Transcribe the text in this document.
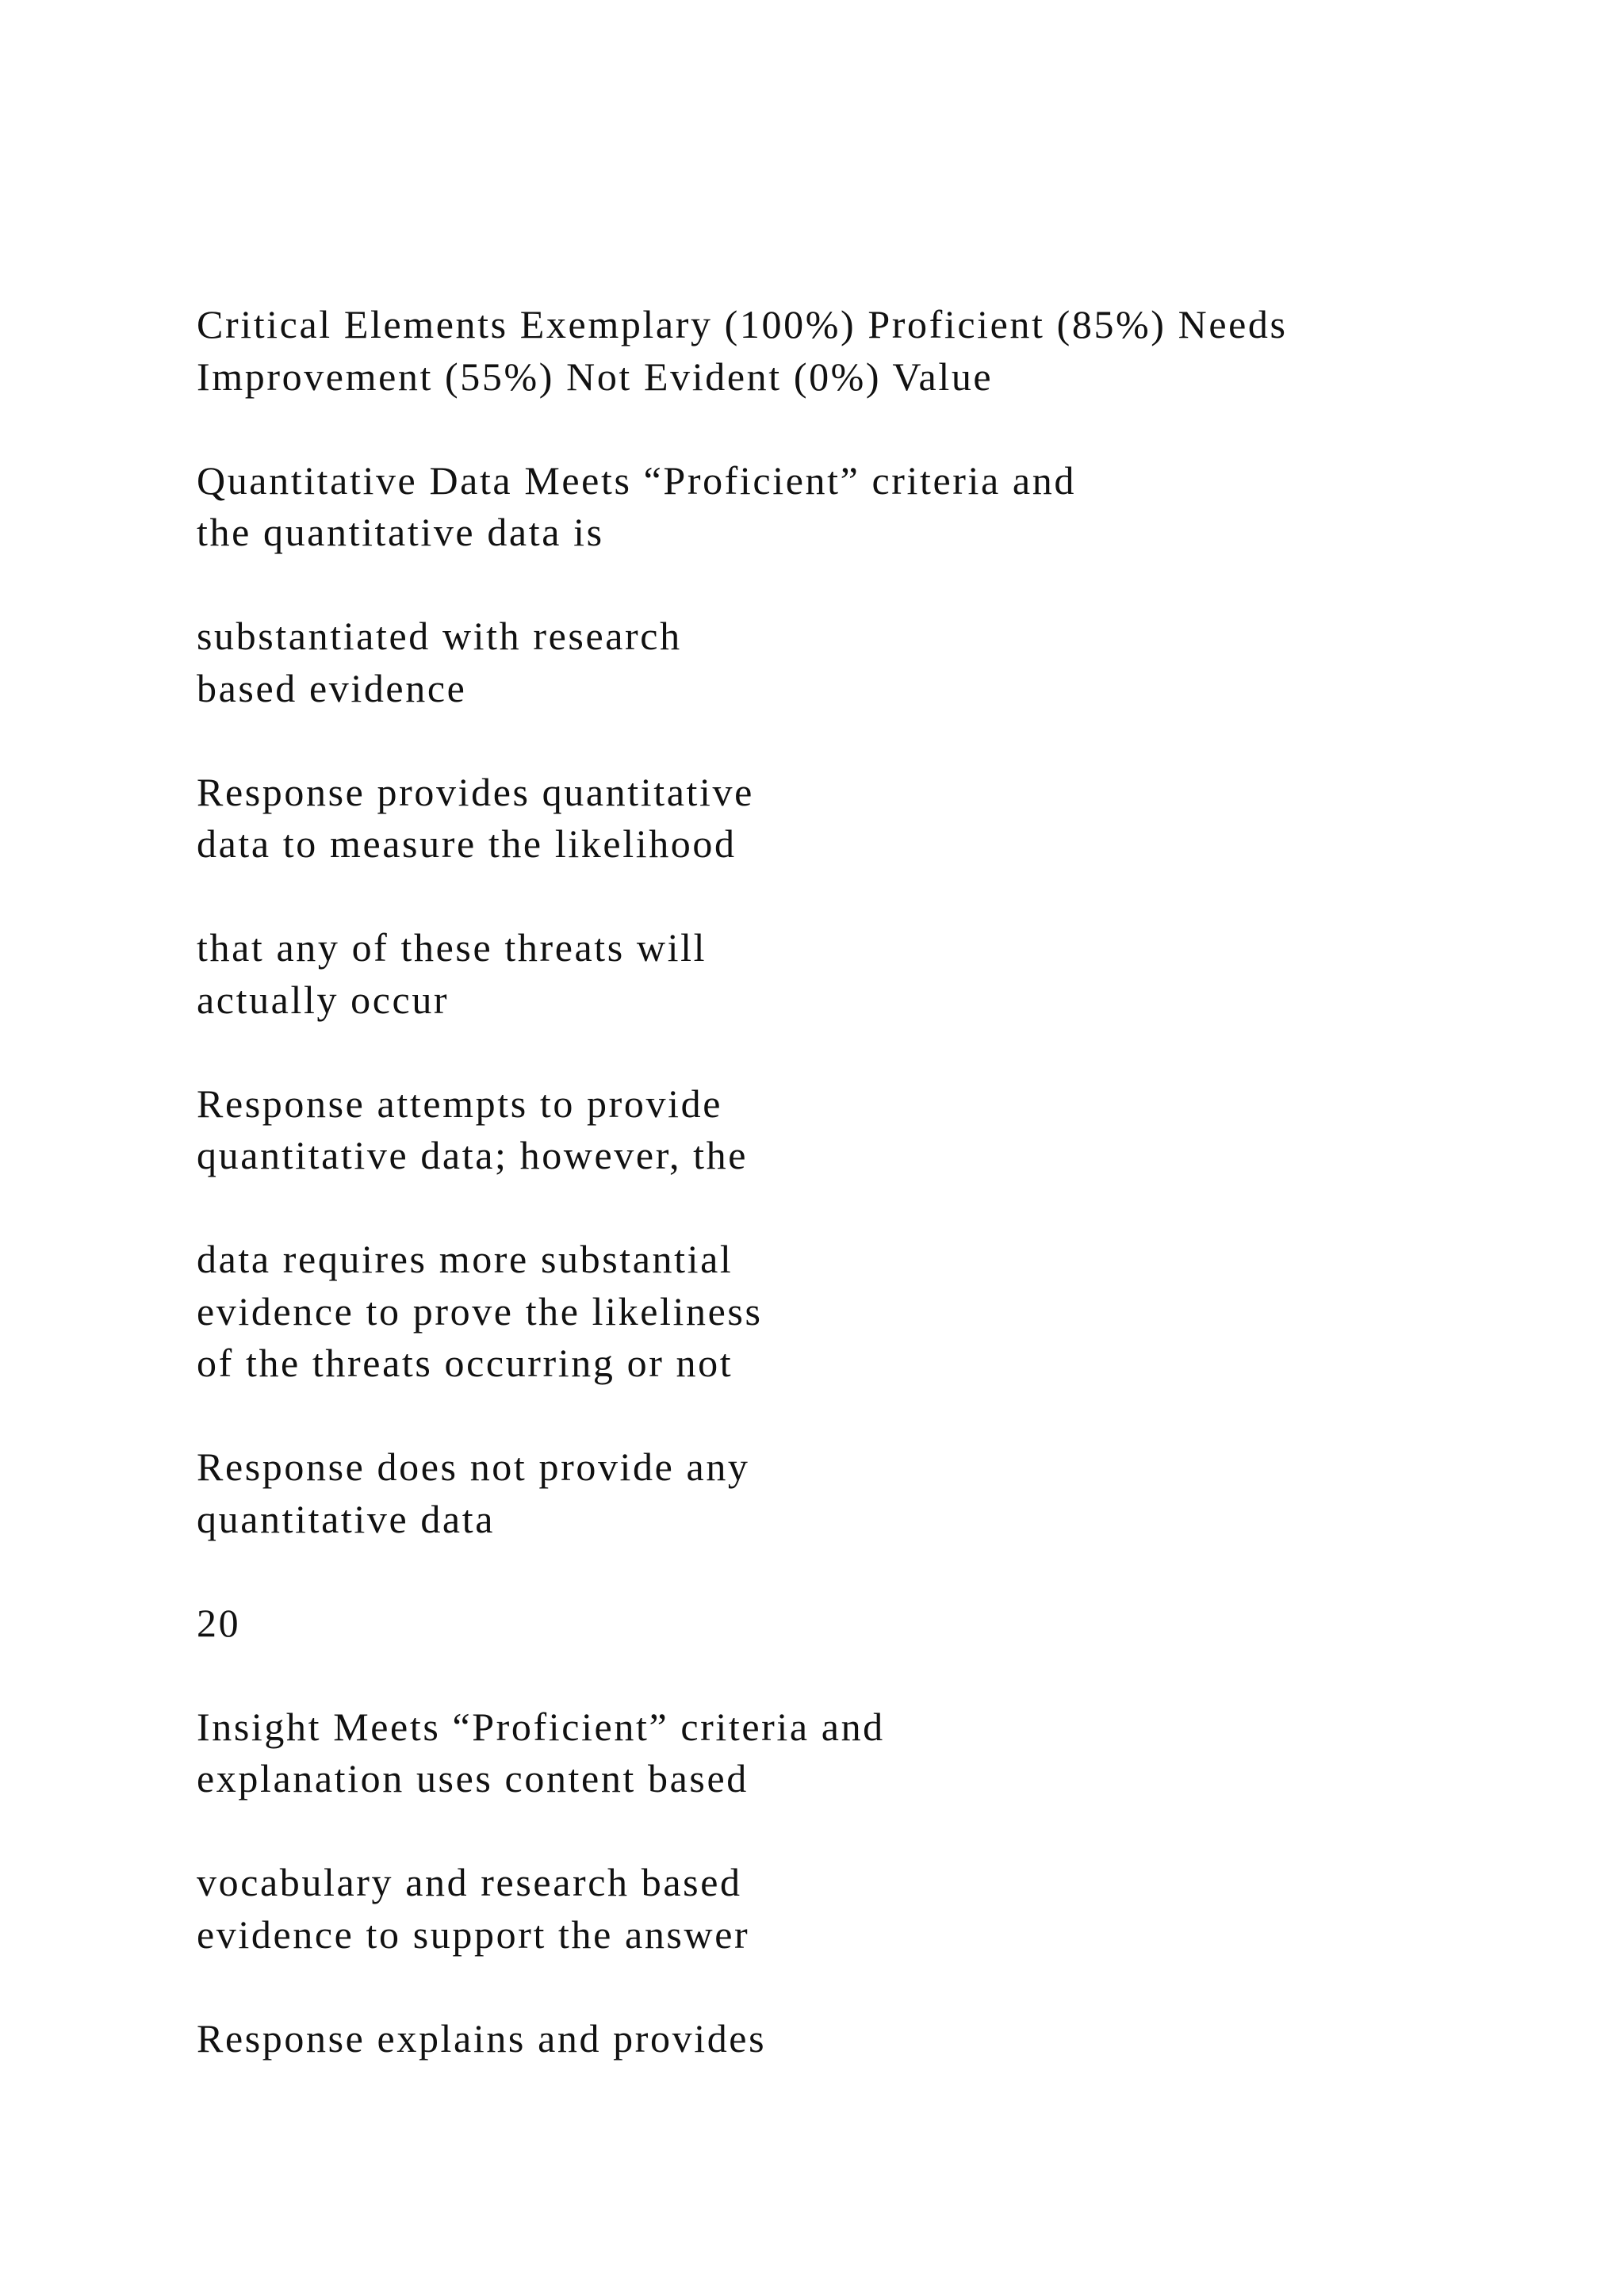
Critical Elements Exemplary (100%) Proficient (85%) Needs
Improvement (55%) Not Evident (0%) Value

Quantitative Data Meets “Proficient” criteria and
the quantitative data is

substantiated with research
based evidence

Response provides quantitative
data to measure the likelihood

that any of these threats will
actually occur

Response attempts to provide
quantitative data; however, the

data requires more substantial
evidence to prove the likeliness
of the threats occurring or not

Response does not provide any
quantitative data

20

Insight Meets “Proficient” criteria and
explanation uses content based

vocabulary and research based
evidence to support the answer

Response explains and provides
